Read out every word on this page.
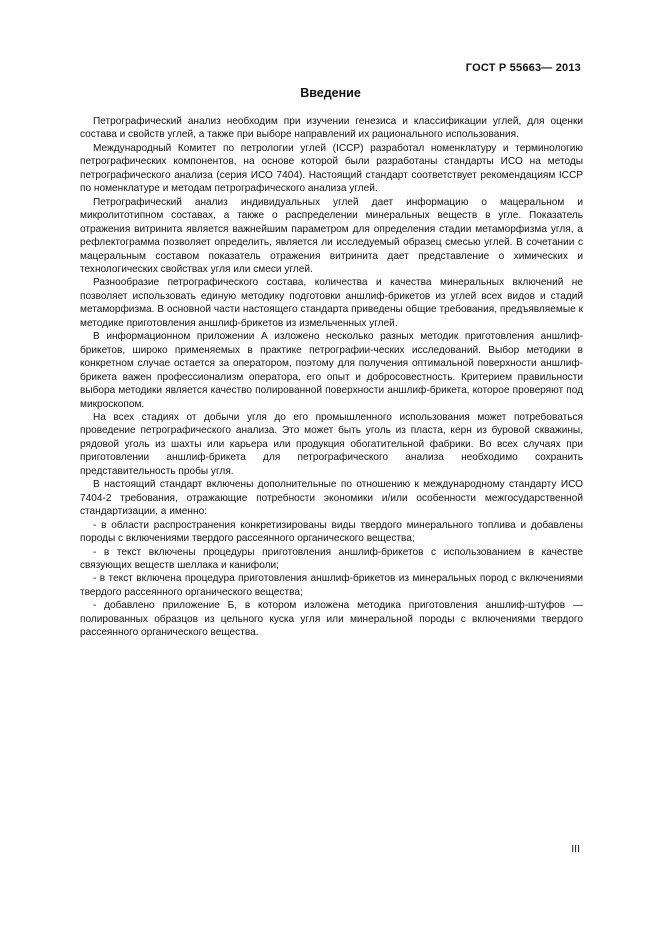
ГОСТ Р 55663— 2013
Введение

Петрографический анализ необходим при изучении генезиса и классификации углей, для оценки состава и свойств углей, а также при выборе направлений их рационального использования.

Международный Комитет по петрологии углей (ICCP) разработал номенклатуру и терминологию петрографических компонентов, на основе которой были разработаны стандарты ИСО на методы петрографического анализа (серия ИСО 7404). Настоящий стандарт соответствует рекомендациям ICCP по номенклатуре и методам петрографического анализа углей.

Петрографический анализ индивидуальных углей дает информацию о мацеральном и микролитотипном составах, а также о распределении минеральных веществ в угле. Показатель отражения витринита является важнейшим параметром для определения стадии метаморфизма угля, а рефлектограмма позволяет определить, является ли исследуемый образец смесью углей. В сочетании с мацеральным составом показатель отражения витринита дает представление о химических и технологических свойствах угля или смеси углей.

Разнообразие петрографического состава, количества и качества минеральных включений не позволяет использовать единую методику подготовки аншлиф-брикетов из углей всех видов и стадий метаморфизма. В основной части настоящего стандарта приведены общие требования, предъявляемые к методике приготовления аншлиф-брикетов из измельченных углей.

В информационном приложении А изложено несколько разных методик приготовления аншлиф-брикетов, широко применяемых в практике петрографии-ческих исследований. Выбор методики в конкретном случае остается за оператором, поэтому для получения оптимальной поверхности аншлиф-брикета важен профессионализм оператора, его опыт и добросовестность. Критерием правильности выбора методики является качество полированной поверхности аншлиф-брикета, которое проверяют под микроскопом.

На всех стадиях от добычи угля до его промышленного использования может потребоваться проведение петрографического анализа. Это может быть уголь из пласта, керн из буровой скважины, рядовой уголь из шахты или карьера или продукция обогатительной фабрики. Во всех случаях при приготовлении аншлиф-брикета для петрографического анализа необходимо сохранить представительность пробы угля.

В настоящий стандарт включены дополнительные по отношению к международному стандарту ИСО 7404-2 требования, отражающие потребности экономики и/или особенности межгосударственной стандартизации, а именно:

- в области распространения конкретизированы виды твердого минерального топлива и добавлены породы с включениями твердого рассеянного органического вещества;

- в текст включены процедуры приготовления аншлиф-брикетов с использованием в качестве связующих веществ шеллака и канифоли;

- в текст включена процедура приготовления аншлиф-брикетов из минеральных пород с включениями твердого рассеянного органического вещества;

- добавлено приложение Б, в котором изложена методика приготовления аншлиф-штуфов — полированных образцов из цельного куска угля или минеральной породы с включениями твердого рассеянного органического вещества.

III
